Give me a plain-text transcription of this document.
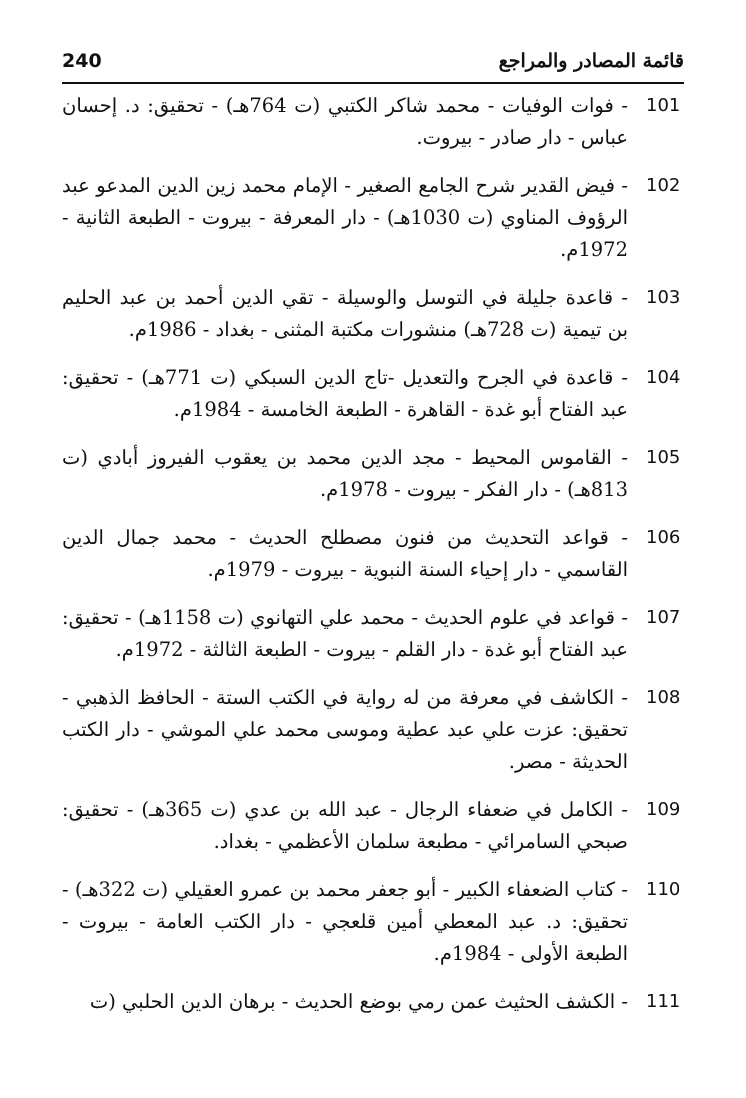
قائمة المصادر والمراجع
240
101
- فوات الوفيات - محمد شاكر الكتبي (ت 764هـ) - تحقيق: د. إحسان عباس - دار صادر - بيروت.
102
- فيض القدير شرح الجامع الصغير - الإمام محمد زين الدين المدعو عبد الرؤوف المناوي (ت 1030هـ) - دار المعرفة - بيروت - الطبعة الثانية - 1972م.
103
- قاعدة جليلة في التوسل والوسيلة - تقي الدين أحمد بن عبد الحليم بن تيمية (ت 728هـ) منشورات مكتبة المثنى - بغداد - 1986م.
104
- قاعدة في الجرح والتعديل -تاج الدين السبكي (ت 771هـ) - تحقيق: عبد الفتاح أبو غدة - القاهرة - الطبعة الخامسة - 1984م.
105
- القاموس المحيط - مجد الدين محمد بن يعقوب الفيروز أبادي (ت 813هـ) - دار الفكر - بيروت - 1978م.
106
- قواعد التحديث من فنون مصطلح الحديث - محمد جمال الدين القاسمي - دار إحياء السنة النبوية - بيروت - 1979م.
107
- قواعد في علوم الحديث - محمد علي التهانوي (ت 1158هـ) - تحقيق: عبد الفتاح أبو غدة - دار القلم - بيروت - الطبعة الثالثة - 1972م.
108
- الكاشف في معرفة من له رواية في الكتب الستة - الحافظ الذهبي - تحقيق: عزت علي عبد عطية وموسى محمد علي الموشي - دار الكتب الحديثة - مصر.
109
- الكامل في ضعفاء الرجال - عبد الله بن عدي (ت 365هـ) - تحقيق: صبحي السامرائي - مطبعة سلمان الأعظمي - بغداد.
110
- كتاب الضعفاء الكبير - أبو جعفر محمد بن عمرو العقيلي (ت 322هـ) - تحقيق: د. عبد المعطي أمين قلعجي - دار الكتب العامة - بيروت - الطبعة الأولى - 1984م.
111
- الكشف الحثيث عمن رمي بوضع الحديث - برهان الدين الحلبي (ت
